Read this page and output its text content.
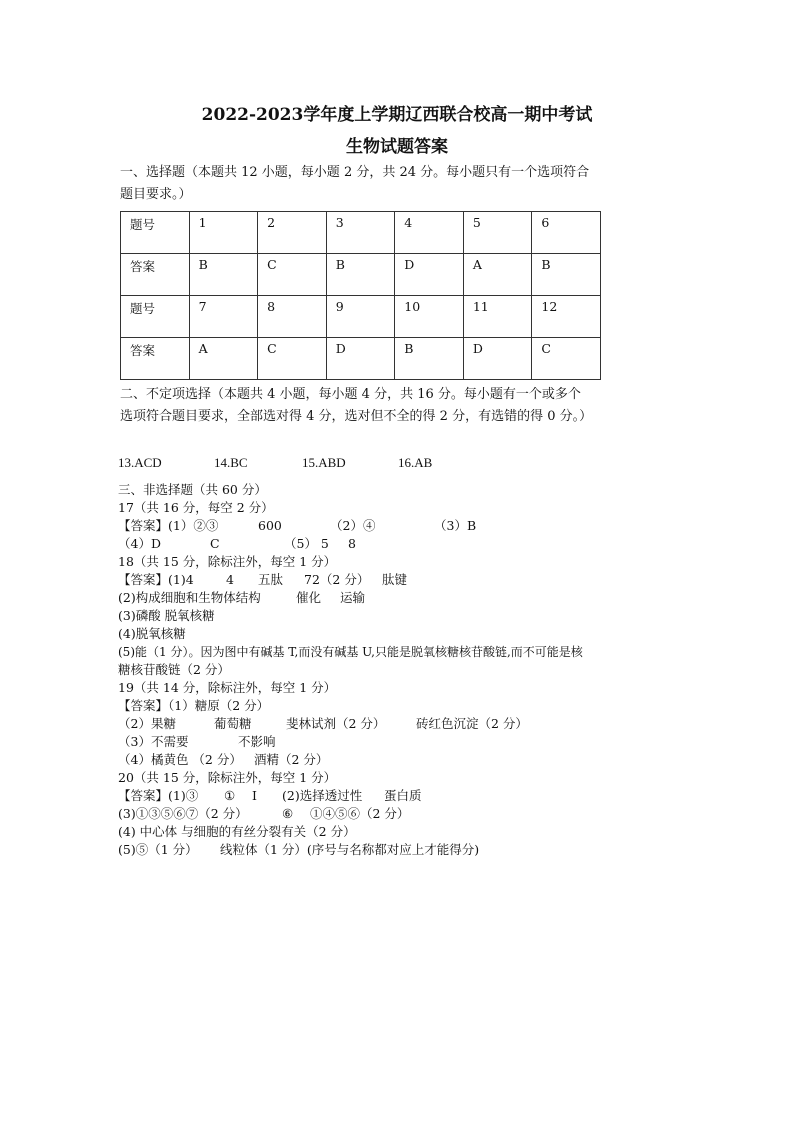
2022-2023学年度上学期辽西联合校高一期中考试
生物试题答案
一、选择题（本题共 12 小题，每小题 2 分，共 24 分。每小题只有一个选项符合题目要求。）
题号	1	2	3	4	5	6
答案	B	C	B	D	A	B
题号	7	8	9	10	11	12
答案	A	C	D	B	D	C
二、不定项选择（本题共 4 小题，每小题 4 分，共 16 分。每小题有一个或多个选项符合题目要求，全部选对得 4 分，选对但不全的得 2 分，有选错的得 0 分。）
13.ACD	14.BC	15.ABD	16.AB
三、非选择题（共 60 分）
17（共 16 分，每空 2 分）
【答案】(1）②③	600	（2）④	（3）B
（4）D	C	（5） 5 8
18（共 15 分，除标注外，每空 1 分）
【答案】(1)4	4 五肽 72（2 分） 肽键
(2)构成细胞和生物体结构	催化 运输
(3)磷酸 脱氧核糖
(4)脱氧核糖
(5)能（1 分）。因为图中有碱基 T,而没有碱基 U,只能是脱氧核糖核苷酸链,而不可能是核
糖核苷酸链（2 分）
19（共 14 分，除标注外，每空 1 分）
【答案】（1）糖原（2 分）
（2）果糖	葡萄糖	斐林试剂（2 分） 砖红色沉淀（2 分）
（3）不需要	不影响
（4）橘黄色 （2 分） 酒精（2 分）
20（共 15 分，除标注外，每空 1 分）
【答案】(1)③ ① Ⅰ (2)选择透过性 蛋白质
(3)①③⑤⑥⑦（2 分）	⑥ ①④⑤⑥（2 分）
(4) 中心体 与细胞的有丝分裂有关（2 分）
(5)⑤（1 分） 线粒体（1 分）(序号与名称都对应上才能得分)
